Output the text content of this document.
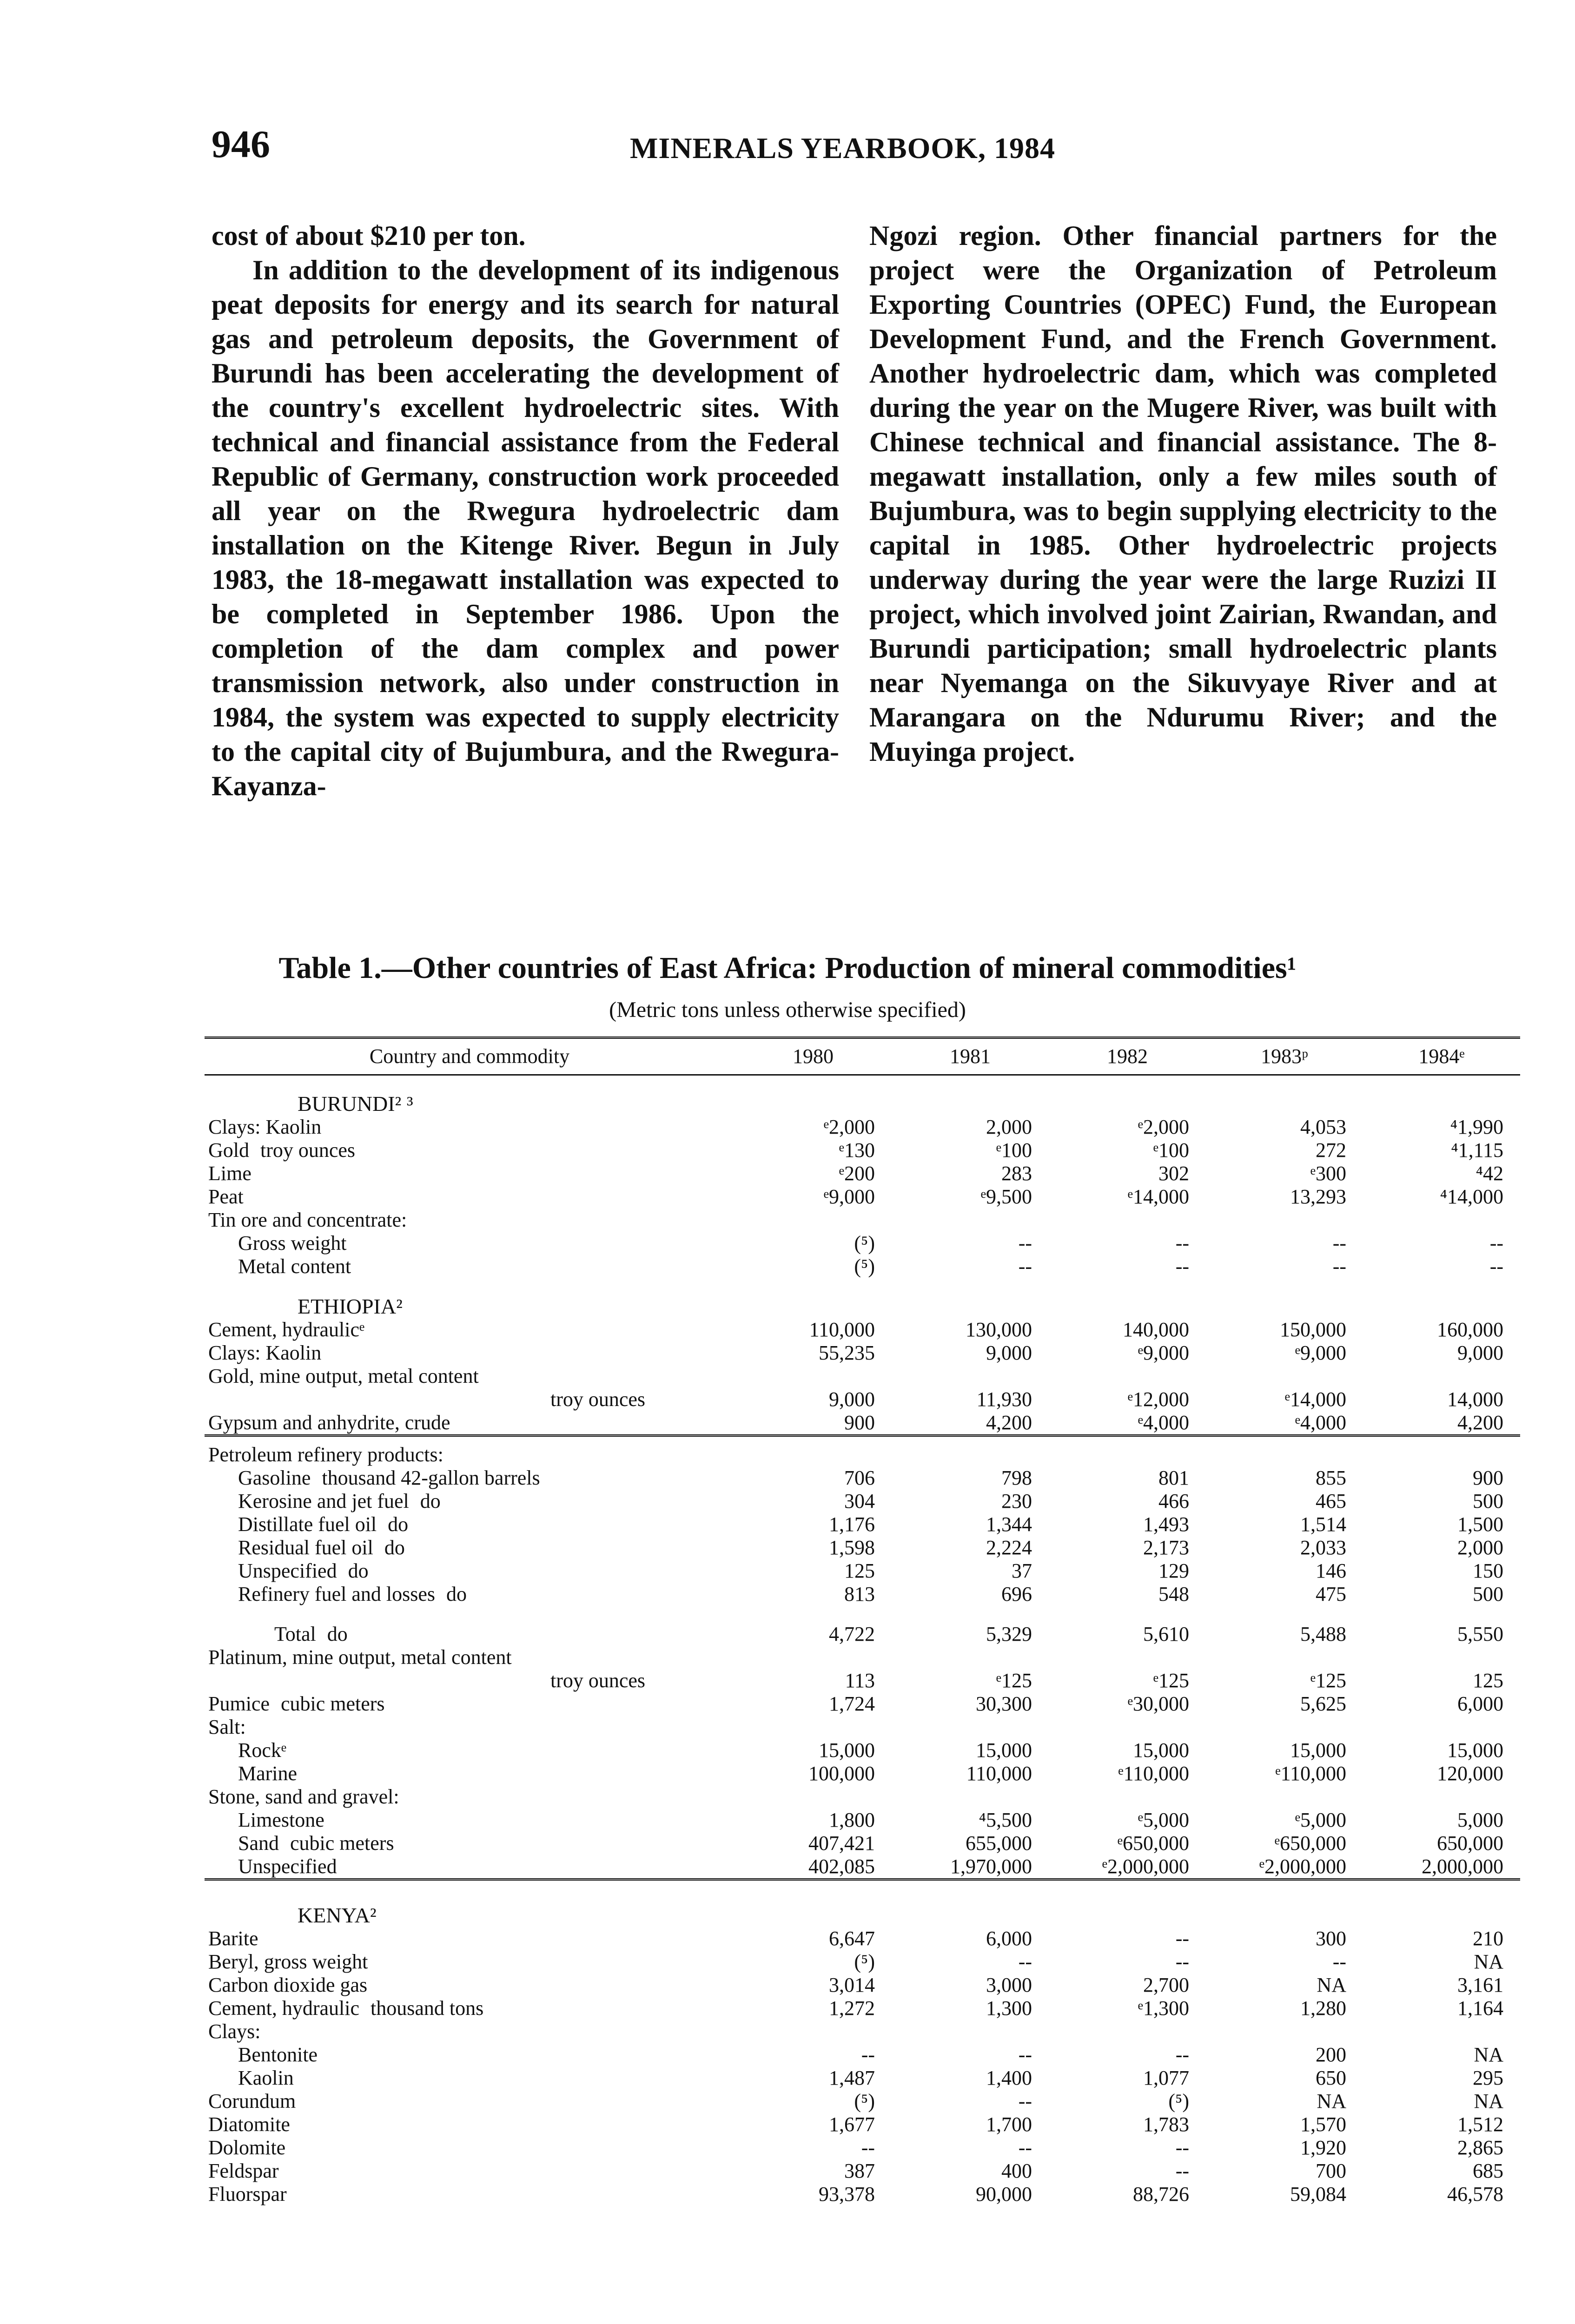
946	MINERALS YEARBOOK, 1984

cost of about $210 per ton.

In addition to the development of its indigenous peat deposits for energy and its search for natural gas and petroleum deposits, the Government of Burundi has been accelerating the development of the country's excellent hydroelectric sites. With technical and financial assistance from the Federal Republic of Germany, construction work proceeded all year on the Rwegura hydroelectric dam installation on the Kitenge River. Begun in July 1983, the 18-megawatt installation was expected to be completed in September 1986. Upon the completion of the dam complex and power transmission network, also under construction in 1984, the system was expected to supply electricity to the capital city of Bujumbura, and the Rwegura-Kayanza-

Ngozi region. Other financial partners for the project were the Organization of Petroleum Exporting Countries (OPEC) Fund, the European Development Fund, and the French Government. Another hydroelectric dam, which was completed during the year on the Mugere River, was built with Chinese technical and financial assistance. The 8-megawatt installation, only a few miles south of Bujumbura, was to begin supplying electricity to the capital in 1985. Other hydroelectric projects underway during the year were the large Ruzizi II project, which involved joint Zairian, Rwandan, and Burundi participation; small hydroelectric plants near Nyemanga on the Sikuvyaye River and at Marangara on the Ndurumu River; and the Muyinga project.

Table 1.—Other countries of East Africa: Production of mineral commodities¹
(Metric tons unless otherwise specified)
Country and commodity	1980	1981	1982	1983ᵖ	1984ᵉ
BURUNDI² ³					
Clays: Kaolin	ᵉ2,000	2,000	ᵉ2,000	4,053	⁴1,990
Gold troy ounces	ᵉ130	ᵉ100	ᵉ100	272	⁴1,115
Lime	ᵉ200	283	302	ᵉ300	⁴42
Peat	ᵉ9,000	ᵉ9,500	ᵉ14,000	13,293	⁴14,000
Tin ore and concentrate:					
Gross weight	(⁵)	--	--	--	--
Metal content	(⁵)	--	--	--	--
ETHIOPIA²					
Cement, hydraulicᵉ	110,000	130,000	140,000	150,000	160,000
Clays: Kaolin	55,235	9,000	ᵉ9,000	ᵉ9,000	9,000
Gold, mine output, metal content					
troy ounces	9,000	11,930	ᵉ12,000	ᵉ14,000	14,000
Gypsum and anhydrite, crude	900	4,200	ᵉ4,000	ᵉ4,000	4,200

Petroleum refinery products:					
Gasoline thousand 42-gallon barrels	706	798	801	855	900
Kerosine and jet fuel do	304	230	466	465	500
Distillate fuel oil do	1,176	1,344	1,493	1,514	1,500
Residual fuel oil do	1,598	2,224	2,173	2,033	2,000
Unspecified do	125	37	129	146	150
Refinery fuel and losses do	813	696	548	475	500

Total do	4,722	5,329	5,610	5,488	5,550
Platinum, mine output, metal content					
troy ounces	113	ᵉ125	ᵉ125	ᵉ125	125
Pumice cubic meters	1,724	30,300	ᵉ30,000	5,625	6,000
Salt:					
Rockᵉ	15,000	15,000	15,000	15,000	15,000
Marine	100,000	110,000	ᵉ110,000	ᵉ110,000	120,000
Stone, sand and gravel:					
Limestone	1,800	⁴5,500	ᵉ5,000	ᵉ5,000	5,000
Sand cubic meters	407,421	655,000	ᵉ650,000	ᵉ650,000	650,000
Unspecified	402,085	1,970,000	ᵉ2,000,000	ᵉ2,000,000	2,000,000

KENYA²					
Barite	6,647	6,000	--	300	210
Beryl, gross weight	(⁵)	--	--	--	NA
Carbon dioxide gas	3,014	3,000	2,700	NA	3,161
Cement, hydraulic thousand tons	1,272	1,300	ᵉ1,300	1,280	1,164
Clays:					
Bentonite	--	--	--	200	NA
Kaolin	1,487	1,400	1,077	650	295
Corundum	(⁵)	--	(⁵)	NA	NA
Diatomite	1,677	1,700	1,783	1,570	1,512
Dolomite	--	--	--	1,920	2,865
Feldspar	387	400	--	700	685
Fluorspar	93,378	90,000	88,726	59,084	46,578
